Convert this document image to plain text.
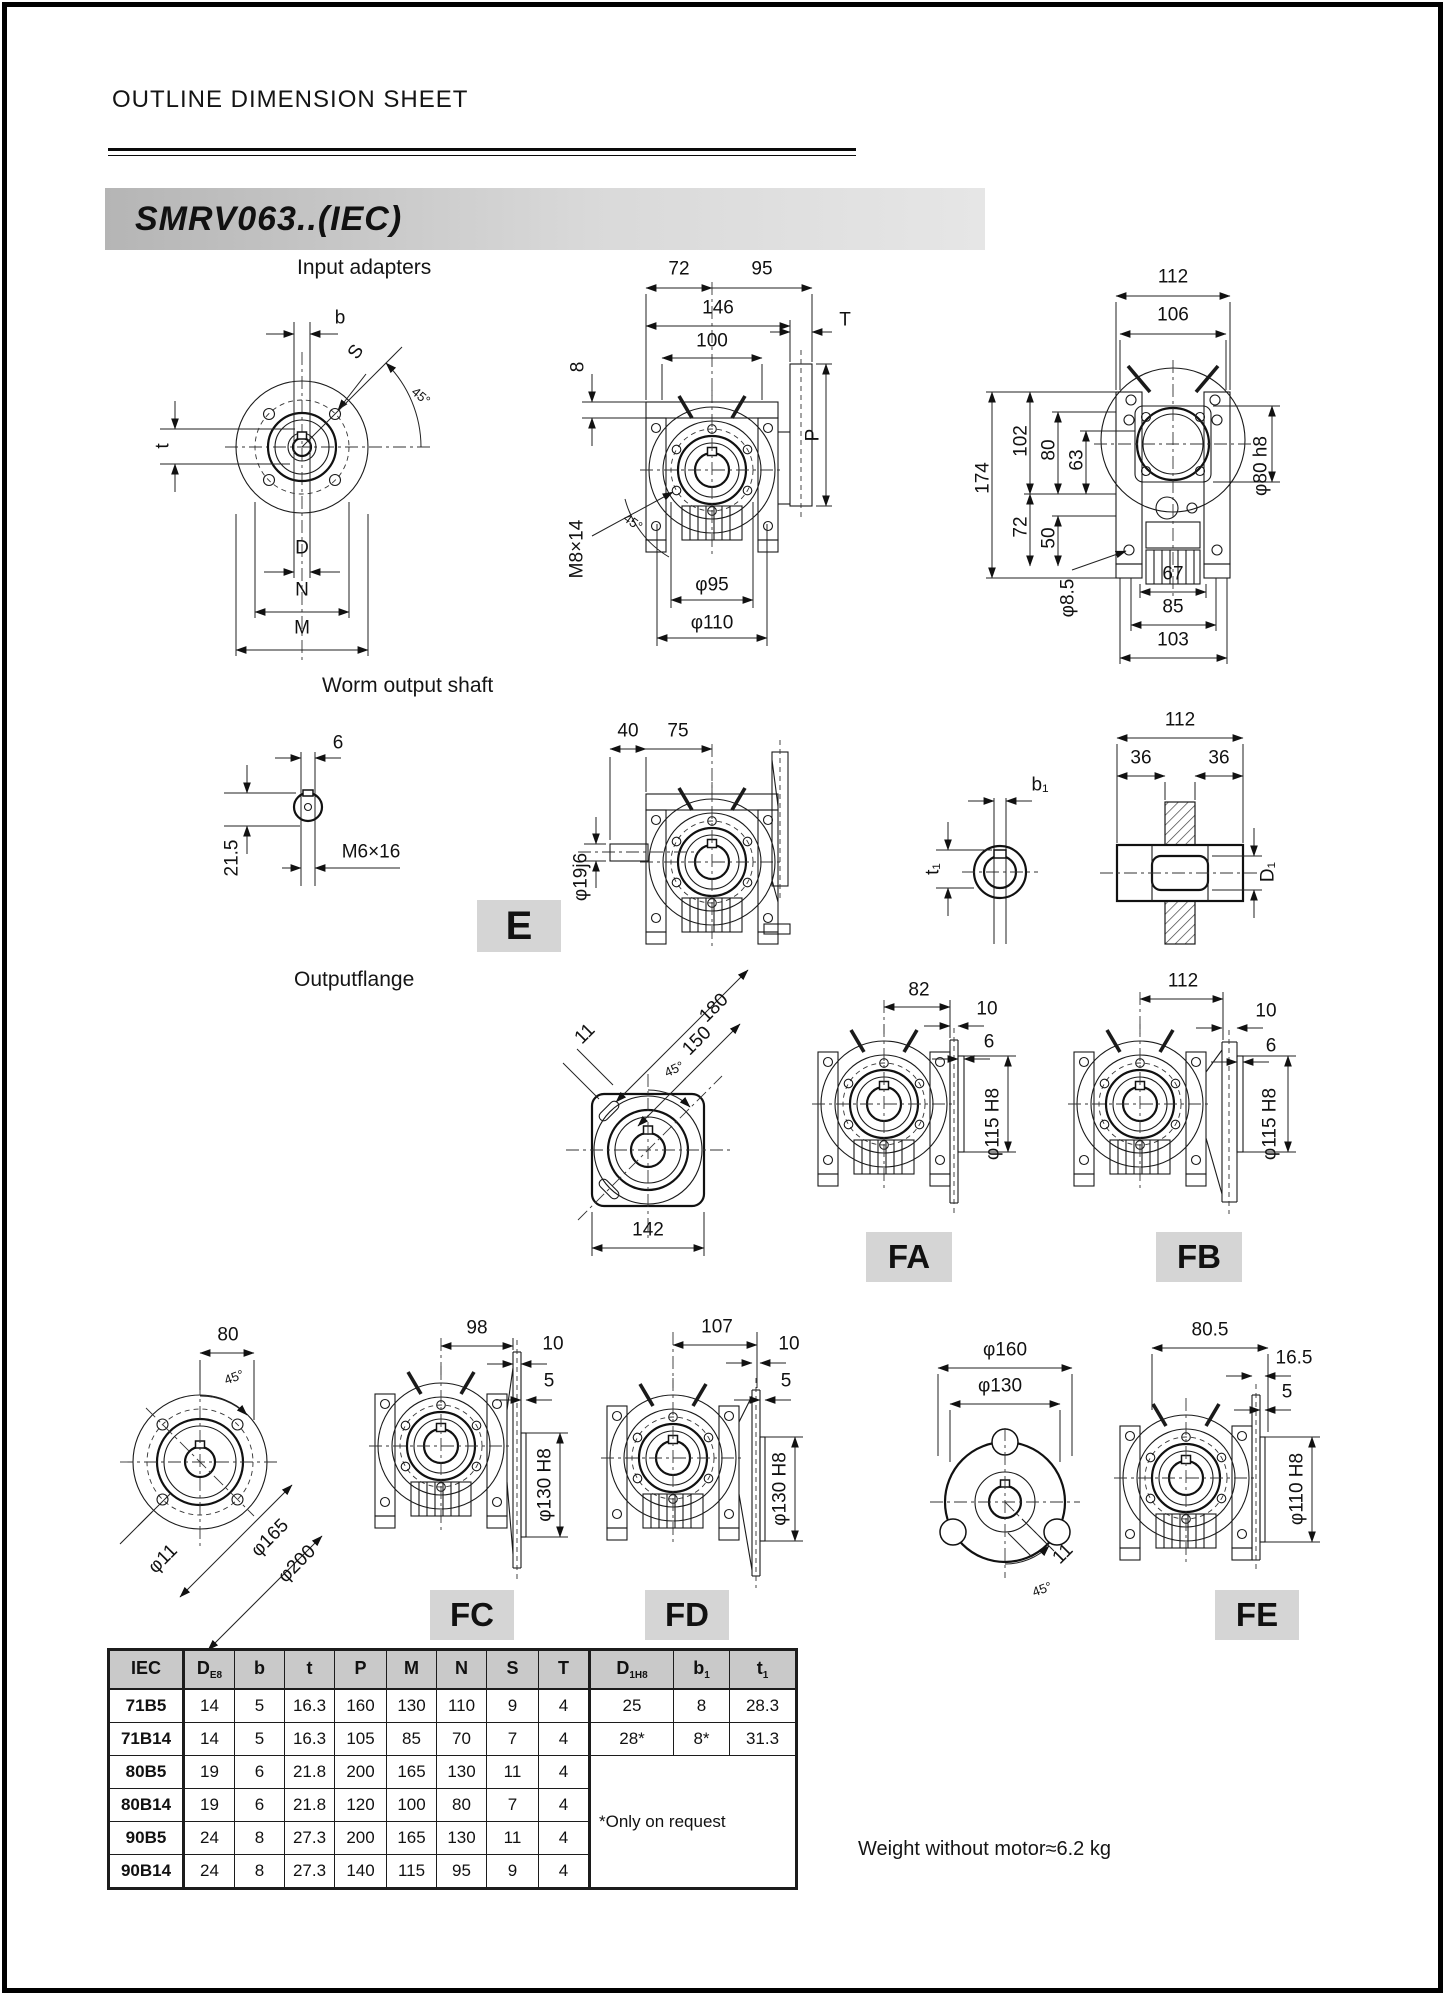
OUTLINE DIMENSION SHEET
SMRV063..(IEC)
Input adapters
Worm output shaft
Outputflange
E
FA	FB
FC	FD	FE
b
S
45°
t
D
N
M
72	95
146
100
8
T
P
M8×14	45°
φ95
φ110
112
106
174
102 80 63
72
50
φ8.5
67
85
103
φ80 h8
6
21.5	M6×16
40 75
φ19j6
b₁
t₁
112
36	36
D₁
11
45°
180
150
142
82
10
6
φ115 H8
112
10
6
φ115 H8
80
45°
φ11	φ165
φ200
98
10
5
φ130 H8
107
10
5
φ130 H8
φ160
φ130
11
45°
80.5
16.5
5
φ110 H8
IEC	$D_{E8}$	b	t	P	M	N	S	T	$D_{1H8}$	$b_1$	$t_1$
71B5	14	5	16.3	160	130	110	9	4	25	8	28.3
71B14	14	5	16.3	105	85	70	7	4	28*	8*	31.3
80B5	19	6	21.8	200	165	130	11	4	*Only on request		
80B14	19	6	21.8	120	100	80	7	4			
90B5	24	8	27.3	200	165	130	11	4			
90B14	24	8	27.3	140	115	95	9	4			
Weight without motor≈6.2 kg
